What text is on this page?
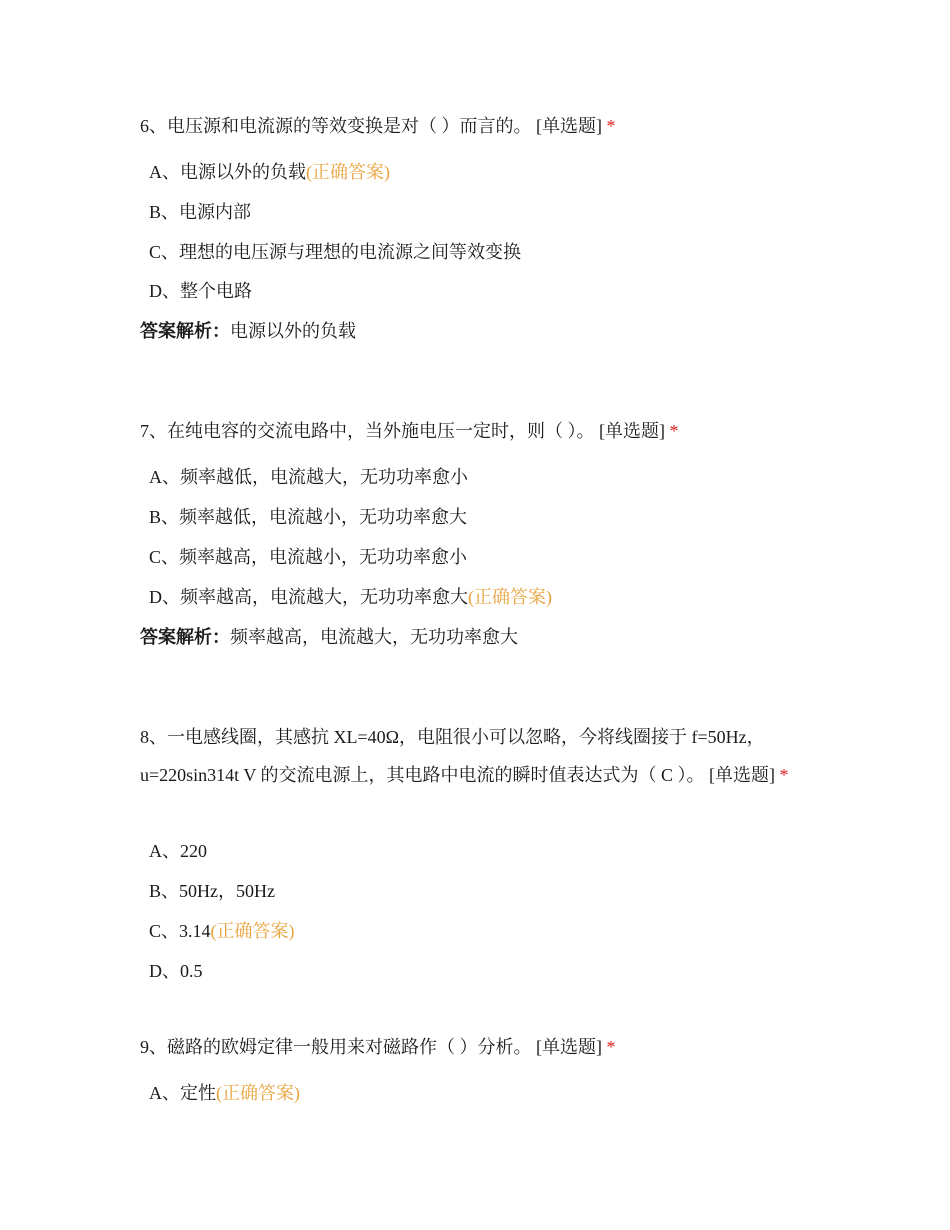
6、电压源和电流源的等效变换是对（ ）而言的。 [单选题] *
A、电源以外的负载(正确答案)
B、电源内部
C、理想的电压源与理想的电流源之间等效变换
D、整个电路
答案解析：电源以外的负载
7、在纯电容的交流电路中，当外施电压一定时，则（ ）。 [单选题] *
A、频率越低，电流越大，无功功率愈小
B、频率越低，电流越小，无功功率愈大
C、频率越高，电流越小，无功功率愈小
D、频率越高，电流越大，无功功率愈大(正确答案)
答案解析：频率越高，电流越大，无功功率愈大
8、一电感线圈，其感抗 XL=40Ω，电阻很小可以忽略，今将线圈接于 f=50Hz，u=220sin314t V 的交流电源上，其电路中电流的瞬时值表达式为（ C ）。 [单选题] *
A、220
B、50Hz，50Hz
C、3.14(正确答案)
D、0.5
9、磁路的欧姆定律一般用来对磁路作（ ）分析。 [单选题] *
A、定性(正确答案)
